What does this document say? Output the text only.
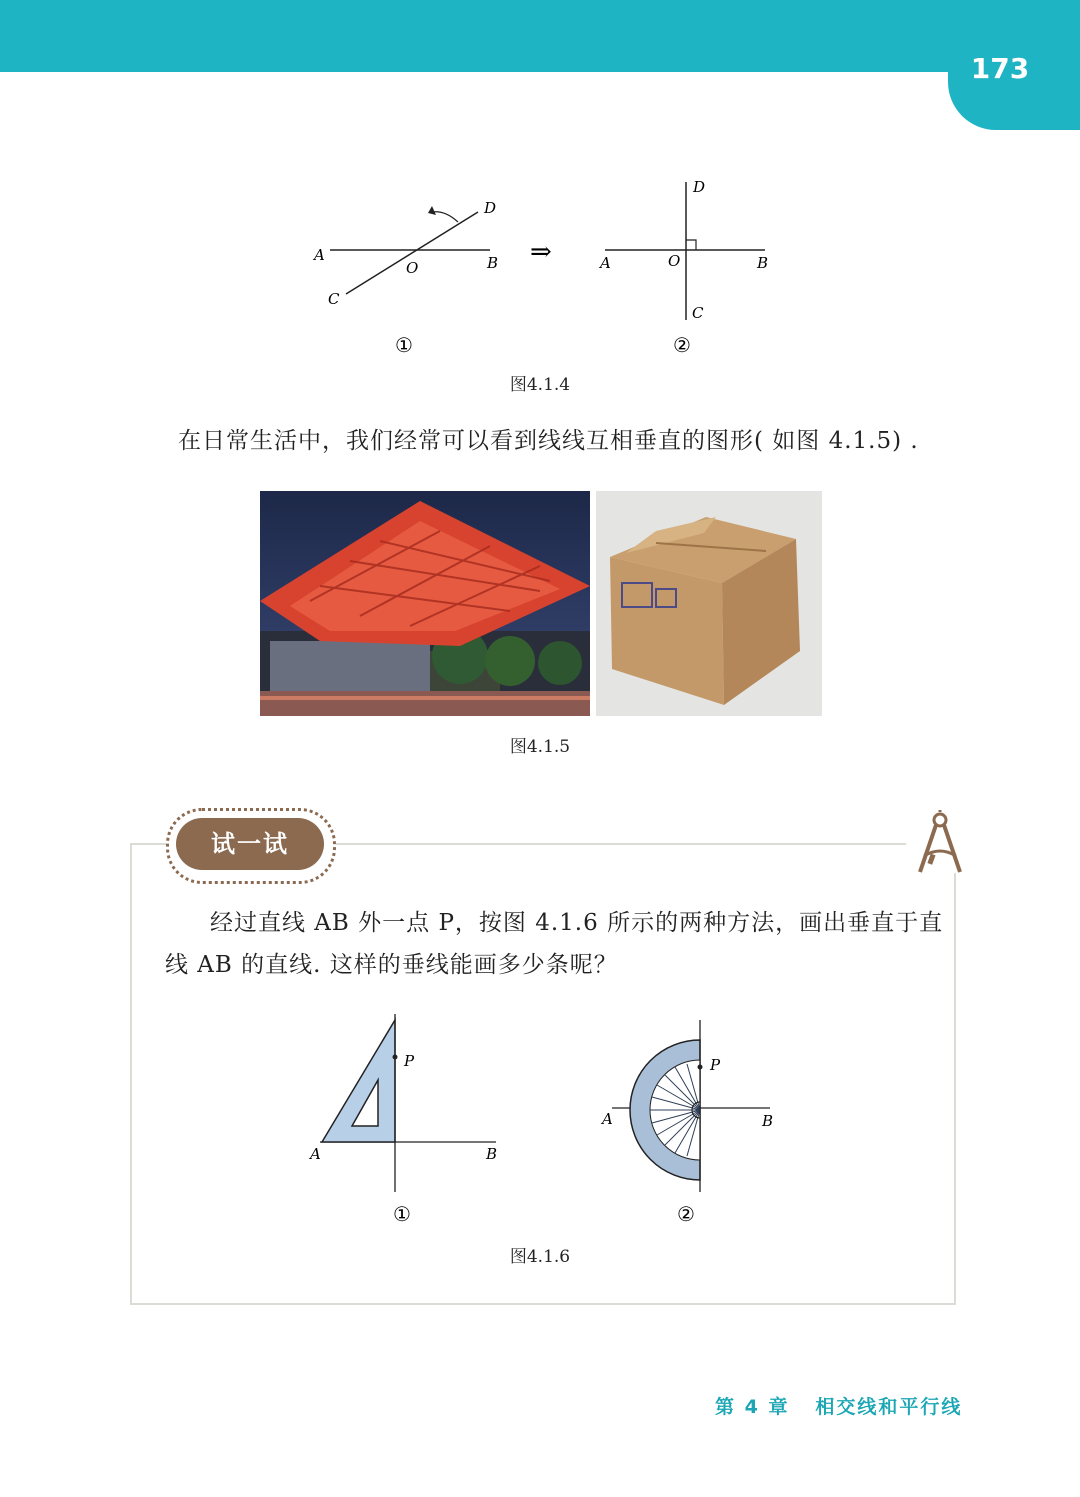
173
A	B
C
D
O
①
⇒	A	B
C
D
O
②
图4.1.4
在日常生活中，我们经常可以看到线线互相垂直的图形( 如图 4.1.5) .
图4.1.5
试一试
经过直线 AB 外一点 P，按图 4.1.6 所示的两种方法，画出垂直于直
线 AB 的直线. 这样的垂线能画多少条呢？
P
A	B
①
P
A	B
②
图4.1.6
第 4 章 相交线和平行线
